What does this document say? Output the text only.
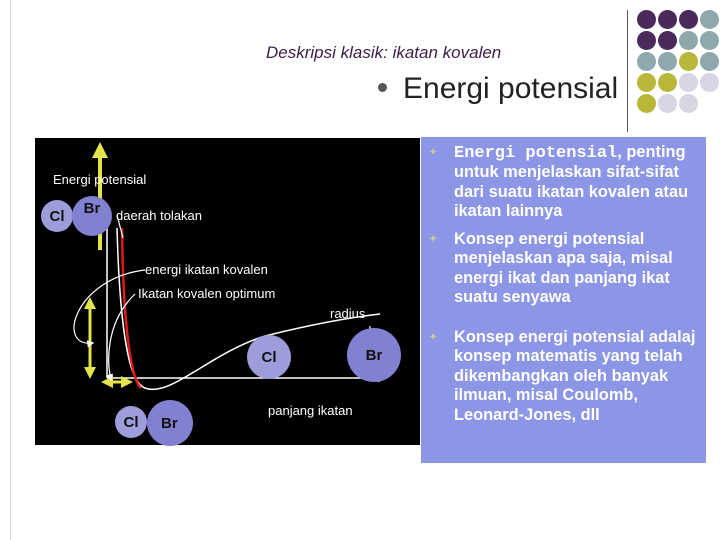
Deskripsi klasik: ikatan kovalen
Energi potensial
Energi potensial
Cl Br daerah tolakan
energi ikatan kovalen
Ikatan kovalen optimum
radius
Cl	Br
panjang ikatan
Cl Br
✦ Energi potensial, penting untuk menjelaskan sifat-sifat dari suatu ikatan kovalen atau ikatan lainnya
✦ Konsep energi potensial menjelaskan apa saja, misal energi ikat dan panjang ikat suatu senyawa
✦ Konsep energi potensial adalaj konsep matematis yang telah dikembangkan oleh banyak ilmuan, misal Coulomb, Leonard-Jones, dll
